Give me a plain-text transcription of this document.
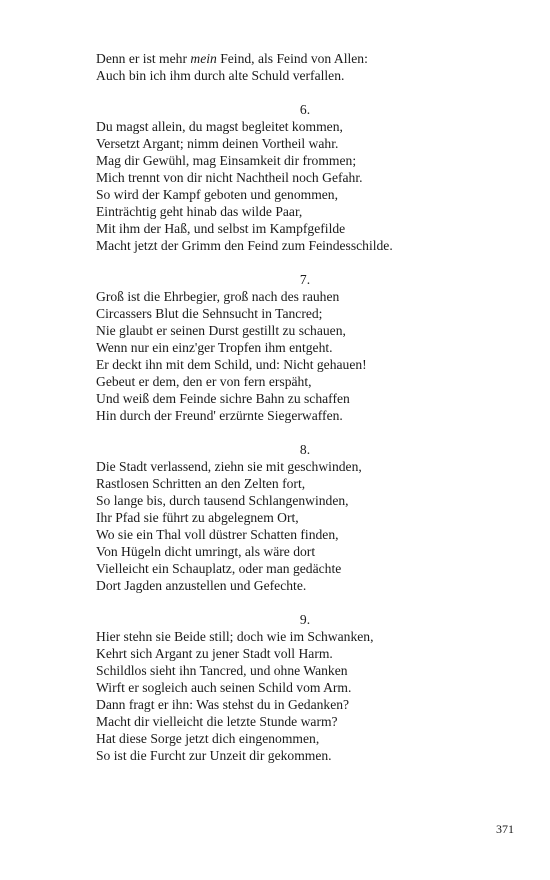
Denn er ist mehr mein Feind, als Feind von Allen:
Auch bin ich ihm durch alte Schuld verfallen.
6.
Du magst allein, du magst begleitet kommen,
Versetzt Argant; nimm deinen Vortheil wahr.
Mag dir Gewühl, mag Einsamkeit dir frommen;
Mich trennt von dir nicht Nachtheil noch Gefahr.
So wird der Kampf geboten und genommen,
Einträchtig geht hinab das wilde Paar,
Mit ihm der Haß, und selbst im Kampfgefilde
Macht jetzt der Grimm den Feind zum Feindesschilde.
7.
Groß ist die Ehrbegier, groß nach des rauhen
Circassers Blut die Sehnsucht in Tancred;
Nie glaubt er seinen Durst gestillt zu schauen,
Wenn nur ein einz'ger Tropfen ihm entgeht.
Er deckt ihn mit dem Schild, und: Nicht gehauen!
Gebeut er dem, den er von fern erspäht,
Und weiß dem Feinde sichre Bahn zu schaffen
Hin durch der Freund' erzürnte Siegerwaffen.
8.
Die Stadt verlassend, ziehn sie mit geschwinden,
Rastlosen Schritten an den Zelten fort,
So lange bis, durch tausend Schlangenwinden,
Ihr Pfad sie führt zu abgelegnem Ort,
Wo sie ein Thal voll düstrer Schatten finden,
Von Hügeln dicht umringt, als wäre dort
Vielleicht ein Schauplatz, oder man gedächte
Dort Jagden anzustellen und Gefechte.
9.
Hier stehn sie Beide still; doch wie im Schwanken,
Kehrt sich Argant zu jener Stadt voll Harm.
Schildlos sieht ihn Tancred, und ohne Wanken
Wirft er sogleich auch seinen Schild vom Arm.
Dann fragt er ihn: Was stehst du in Gedanken?
Macht dir vielleicht die letzte Stunde warm?
Hat diese Sorge jetzt dich eingenommen,
So ist die Furcht zur Unzeit dir gekommen.
371
